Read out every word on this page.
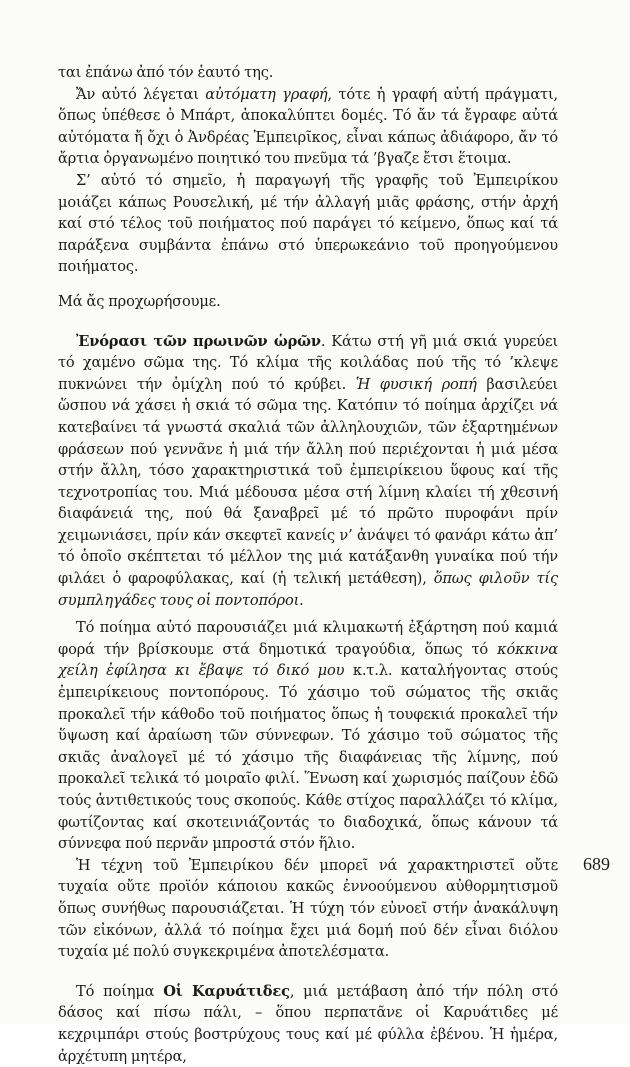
ται ἐπάνω ἀπό τόν ἑαυτό της.

Ἄν αὐτό λέγεται αὐτόματη γραφή, τότε ἡ γραφή αὐτή πράγματι, ὅπως ὑπέθεσε ὁ Μπάρτ, ἀποκαλύπτει δομές. Τό ἄν τά ἔγραφε αὐτά αὐτόματα ἤ ὄχι ὁ Ἀνδρέας Ἐμπειρῖκος, εἶναι κάπως ἀδιάφορο, ἄν τό ἄρτια ὀργανωμένο ποιητικό του πνεῦμα τά ’βγαζε ἔτσι ἕτοιμα.

Σ’ αὐτό τό σημεῖο, ἡ παραγωγή τῆς γραφῆς τοῦ Ἐμπειρίκου μοιάζει κάπως Ρουσελική, μέ τήν ἀλλαγή μιᾶς φράσης, στήν ἀρχή καί στό τέλος τοῦ ποιήματος πού παράγει τό κείμενο, ὅπως καί τά παράξενα συμβάντα ἐπάνω στό ὑπερωκεάνιο τοῦ προηγούμενου ποιήματος.

Μά ἄς προχωρήσουμε.

Ἐνόρασι τῶν πρωινῶν ὡρῶν. Κάτω στή γῆ μιά σκιά γυρεύει τό χαμένο σῶμα της. Τό κλίμα τῆς κοιλάδας πού τῆς τό ’κλεψε πυκνώνει τήν ὁμίχλη πού τό κρύβει. Ἡ φυσική ροπή βασιλεύει ὥσπου νά χάσει ἡ σκιά τό σῶμα της. Κατόπιν τό ποίημα ἀρχίζει νά κατεβαίνει τά γνωστά σκαλιά τῶν ἀλληλουχιῶν, τῶν ἐξαρτημένων φράσεων πού γεννᾶνε ἡ μιά τήν ἄλλη πού περιέχονται ἡ μιά μέσα στήν ἄλλη, τόσο χαρακτηριστικά τοῦ ἐμπειρίκειου ὕφους καί τῆς τεχνοτροπίας του. Μιά μέδουσα μέσα στή λίμνη κλαίει τή χθεσινή διαφάνειά της, πού θά ξαναβρεῖ μέ τό πρῶτο πυροφάνι πρίν χειμωνιάσει, πρίν κάν σκεφτεῖ κανείς ν’ ἀνάψει τό φανάρι κάτω ἀπ’ τό ὁποῖο σκέπτεται τό μέλλον της μιά κατάξανθη γυναίκα πού τήν φιλάει ὁ φαροφύλακας, καί (ἡ τελική μετάθεση), ὅπως φιλοῦν τίς συμπληγάδες τους οἱ ποντοπόροι.

Τό ποίημα αὐτό παρουσιάζει μιά κλιμακωτή ἐξάρτηση πού καμιά φορά τήν βρίσκουμε στά δημοτικά τραγούδια, ὅπως τό κόκκινα χείλη ἐφίλησα κι ἔβαψε τό δικό μου κ.τ.λ. καταλήγοντας στούς ἐμπειρίκειους ποντοπόρους. Τό χάσιμο τοῦ σώματος τῆς σκιᾶς προκαλεῖ τήν κάθοδο τοῦ ποιήματος ὅπως ἡ τουφεκιά προκαλεῖ τήν ὕψωση καί ἀραίωση τῶν σύννεφων. Τό χάσιμο τοῦ σώματος τῆς σκιᾶς ἀναλογεῖ μέ τό χάσιμο τῆς διαφάνειας τῆς λίμνης, πού προκαλεῖ τελικά τό μοιραῖο φιλί. Ἕνωση καί χωρισμός παίζουν ἐδῶ τούς ἀντιθετικούς τους σκοπούς. Κάθε στίχος παραλλάζει τό κλίμα, φωτίζοντας καί σκοτεινιάζοντάς το διαδοχικά, ὅπως κάνουν τά σύννεφα πού περνᾶν μπροστά στόν ἥλιο.

Ἡ τέχνη τοῦ Ἐμπειρίκου δέν μπορεῖ νά χαρακτηριστεῖ οὔτε τυχαία οὔτε προϊόν κάποιου κακῶς ἐννοούμενου αὐθορμητισμοῦ ὅπως συνήθως παρουσιάζεται. Ἡ τύχη τόν εὐνοεῖ στήν ἀνακάλυψη τῶν εἰκόνων, ἀλλά τό ποίημα ἔχει μιά δομή πού δέν εἶναι διόλου τυχαία μέ πολύ συγκεκριμένα ἀποτελέσματα.

Τό ποίημα Οἱ Καρυάτιδες, μιά μετάβαση ἀπό τήν πόλη στό δάσος καί πίσω πάλι, – ὅπου περπατᾶνε οἱ Καρυάτιδες μέ κεχριμπάρι στούς βοστρύχους τους καί μέ φύλλα ἐβένου. Ἡ ἡμέρα, ἀρχέτυπη μητέρα,

689
